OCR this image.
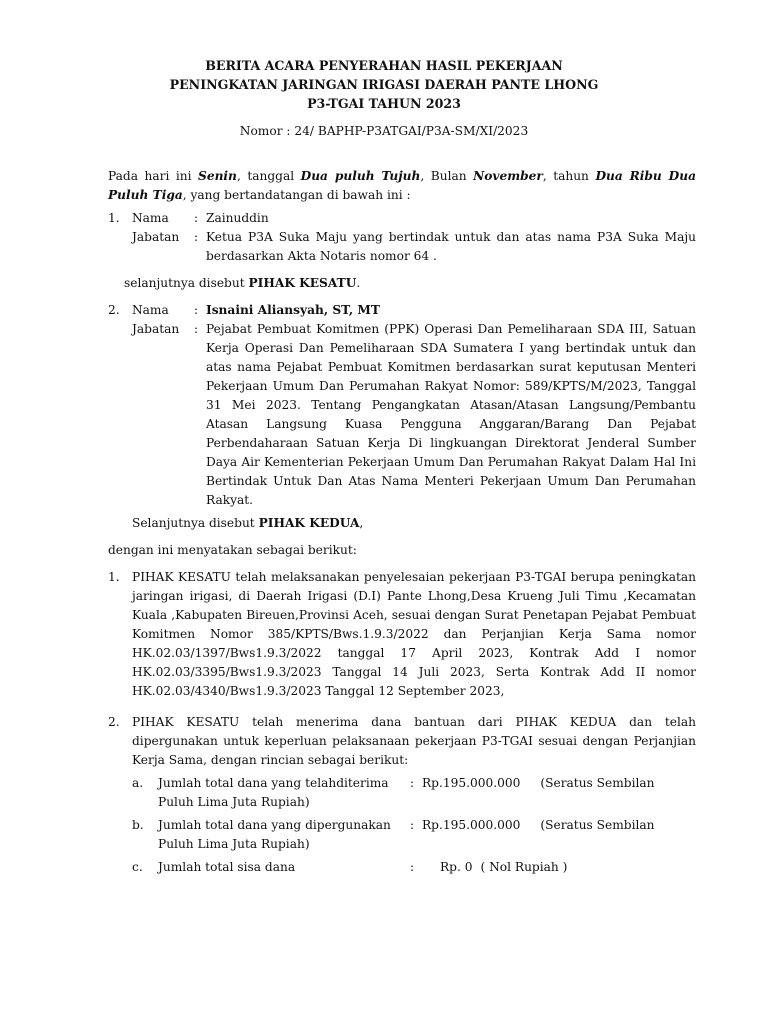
BERITA ACARA PENYERAHAN HASIL PEKERJAAN
PENINGKATAN JARINGAN IRIGASI DAERAH PANTE LHONG
P3-TGAI TAHUN 2023
Nomor : 24/ BAPHP-P3ATGAI/P3A-SM/XI/2023
Pada hari ini Senin, tanggal Dua puluh Tujuh, Bulan November, tahun Dua Ribu Dua Puluh Tiga, yang bertandatangan di bawah ini :
1.	Nama	: Zainuddin
Jabatan	: Ketua P3A Suka Maju yang bertindak untuk dan atas nama P3A Suka Maju berdasarkan Akta Notaris nomor 64 .
selanjutnya disebut PIHAK KESATU.
2.	Nama	: Isnaini Aliansyah, ST, MT
Jabatan	: Pejabat Pembuat Komitmen (PPK) Operasi Dan Pemeliharaan SDA III, Satuan Kerja Operasi Dan Pemeliharaan SDA Sumatera I yang bertindak untuk dan atas nama Pejabat Pembuat Komitmen berdasarkan surat keputusan Menteri Pekerjaan Umum Dan Perumahan Rakyat Nomor: 589/KPTS/M/2023, Tanggal 31 Mei 2023. Tentang Pengangkatan Atasan/Atasan Langsung/Pembantu Atasan Langsung Kuasa Pengguna Anggaran/Barang Dan Pejabat Perbendaharaan Satuan Kerja Di lingkuangan Direktorat Jenderal Sumber Daya Air Kementerian Pekerjaan Umum Dan Perumahan Rakyat Dalam Hal Ini Bertindak Untuk Dan Atas Nama Menteri Pekerjaan Umum Dan Perumahan Rakyat.
Selanjutnya disebut PIHAK KEDUA,
dengan ini menyatakan sebagai berikut:
1.	PIHAK KESATU telah melaksanakan penyelesaian pekerjaan P3-TGAI berupa peningkatan jaringan irigasi, di Daerah Irigasi (D.I) Pante Lhong,Desa Krueng Juli Timu ,Kecamatan Kuala ,Kabupaten Bireuen,Provinsi Aceh, sesuai dengan Surat Penetapan Pejabat Pembuat Komitmen Nomor 385/KPTS/Bws.1.9.3/2022 dan Perjanjian Kerja Sama nomor HK.02.03/1397/Bws1.9.3/2022 tanggal 17 April 2023, Kontrak Add I nomor HK.02.03/3395/Bws1.9.3/2023 Tanggal 14 Juli 2023, Serta Kontrak Add II nomor HK.02.03/4340/Bws1.9.3/2023 Tanggal 12 September 2023,
2.	PIHAK KESATU telah menerima dana bantuan dari PIHAK KEDUA dan telah dipergunakan untuk keperluan pelaksanaan pekerjaan P3-TGAI sesuai dengan Perjanjian Kerja Sama, dengan rincian sebagai berikut:
a.	Jumlah total dana yang telahditerima	: Rp.195.000.000 (Seratus Sembilan
Puluh Lima Juta Rupiah)
b.	Jumlah total dana yang dipergunakan	: Rp.195.000.000 (Seratus Sembilan
Puluh Lima Juta Rupiah)
c.	Jumlah total sisa dana	:	Rp. 0 ( Nol Rupiah )
